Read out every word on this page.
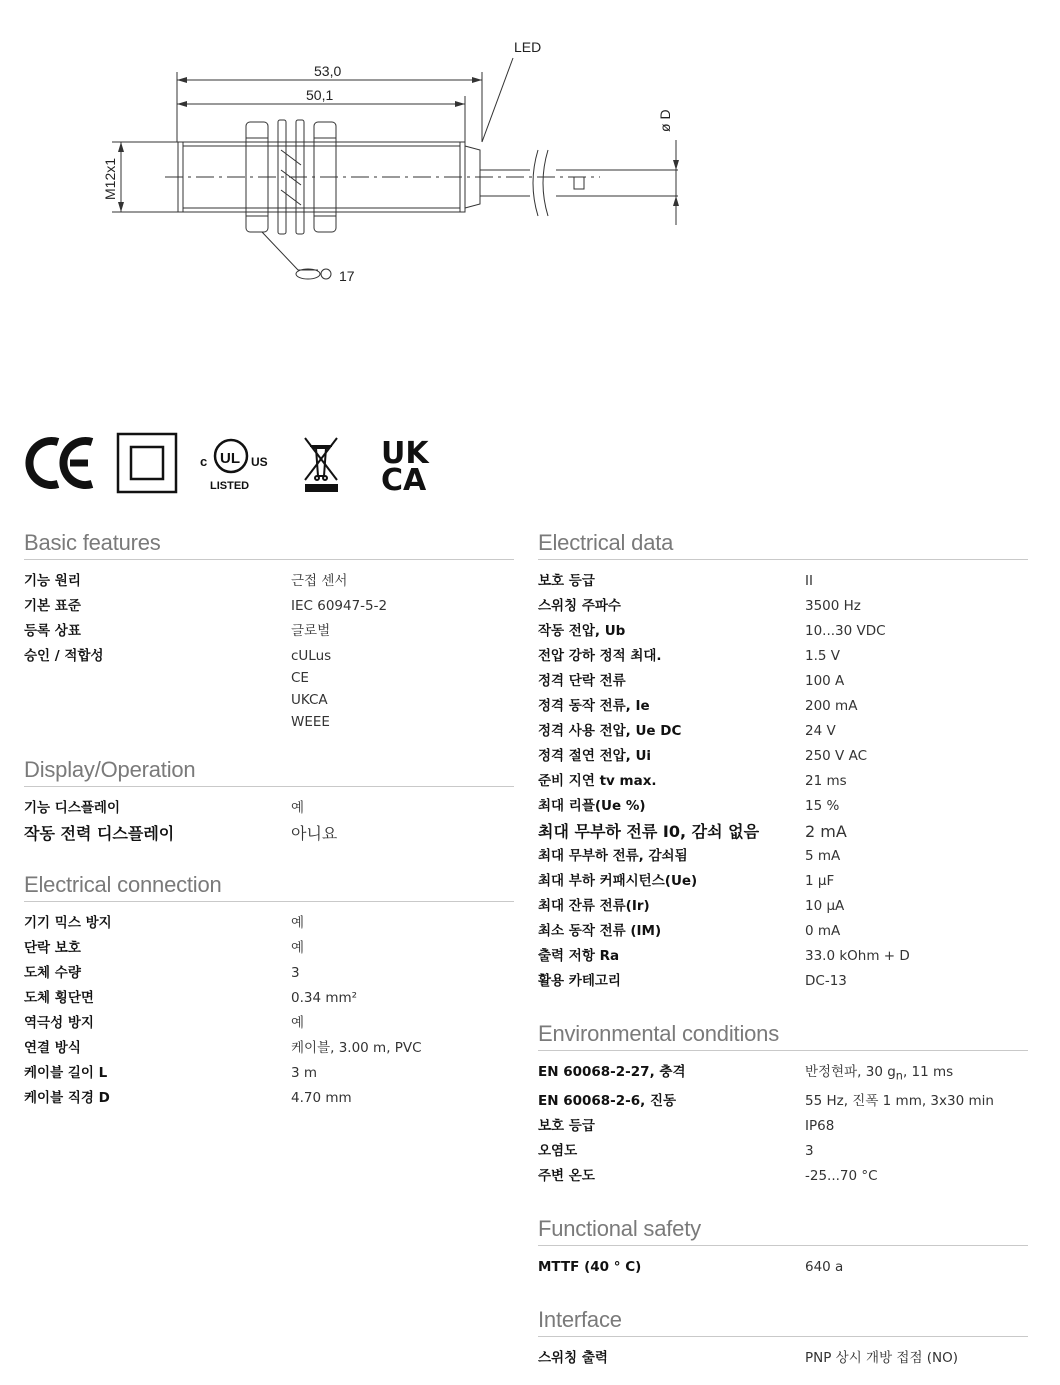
53,0
50,1
LED
M12x1
ø D
17
c UL US
LISTED
UK
CA
Basic features
기능 원리	근접 센서
기본 표준	IEC 60947-5-2
등록 상표	글로벌
승인 / 적합성	cULus
CE
UKCA
WEEE
Display/Operation
기능 디스플레이	예
작동 전력 디스플레이	아니요
Electrical connection
기기 믹스 방지	예
단락 보호	예
도체 수량	3
도체 횡단면	0.34 mm²
역극성 방지	예
연결 방식	케이블, 3.00 m, PVC
케이블 길이 L	3 m
케이블 직경 D	4.70 mm
Electrical data
보호 등급	II
스위칭 주파수	3500 Hz
작동 전압, Ub	10...30 VDC
전압 강하 정적 최대.	1.5 V
정격 단락 전류	100 A
정격 동작 전류, Ie	200 mA
정격 사용 전압, Ue DC	24 V
정격 절연 전압, Ui	250 V AC
준비 지연 tv max.	21 ms
최대 리플(Ue %)	15 %
최대 무부하 전류 I0, 감쇠 없음	2 mA
최대 무부하 전류, 감쇠됨	5 mA
최대 부하 커패시턴스(Ue)	1 µF
최대 잔류 전류(Ir)	10 µA
최소 동작 전류 (IM)	0 mA
출력 저항 Ra	33.0 kOhm + D
활용 카테고리	DC-13
Environmental conditions
EN 60068-2-27, 충격	반정현파, 30 $g_n$, 11 ms
EN 60068-2-6, 진동	55 Hz, 진폭 1 mm, 3x30 min
보호 등급	IP68
오염도	3
주변 온도	-25...70 °C
Functional safety
MTTF (40 ° C)	640 a
Interface
스위칭 출력	PNP 상시 개방 접점 (NO)
